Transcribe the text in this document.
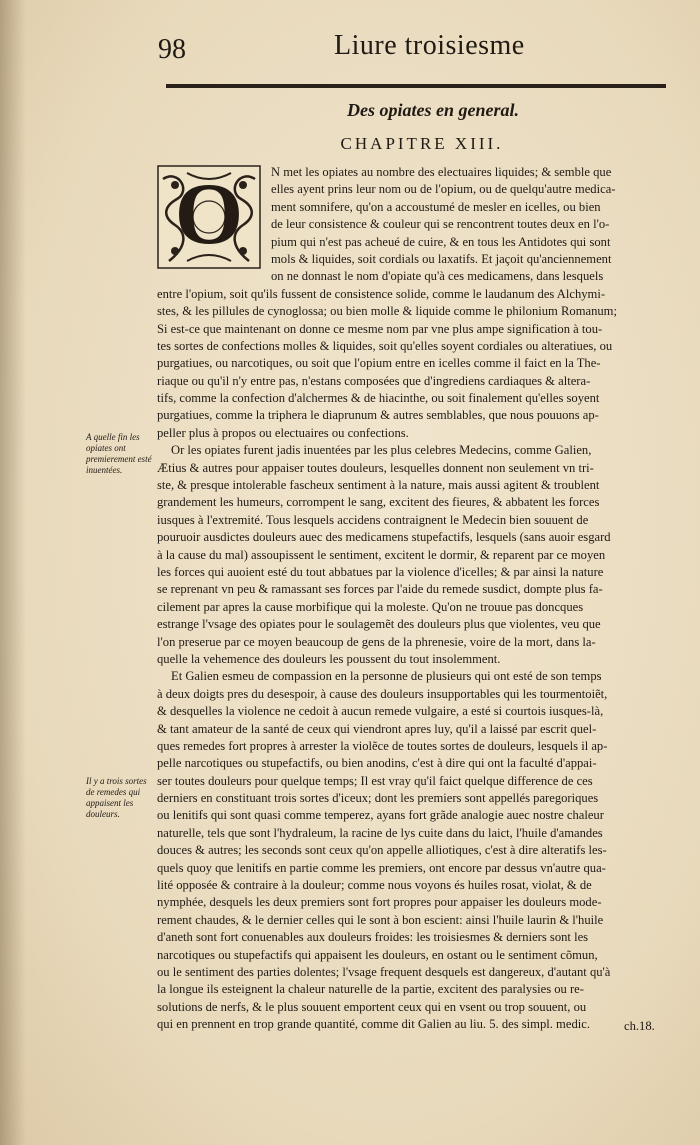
98	Liure troisiesme
Des opiates en general.
CHAPITRE XIII.
N met les opiates au nombre des electuaires liquides; & semble que
elles ayent prins leur nom ou de l'opium, ou de quelqu'autre medica-
ment somnifere, qu'on a accoustumé de mesler en icelles, ou bien
de leur consistence & couleur qui se rencontrent toutes deux en l'o-
pium qui n'est pas acheué de cuire, & en tous les Antidotes qui sont
mols & liquides, soit cordials ou laxatifs. Et jaçoit qu'anciennement
on ne donnast le nom d'opiate qu'à ces medicamens, dans lesquels
entre l'opium, soit qu'ils fussent de consistence solide, comme le laudanum des Alchymi-
stes, & les pillules de cynoglossa; ou bien molle & liquide comme le philonium Romanum;
Si est-ce que maintenant on donne ce mesme nom par vne plus ampe signification à tou-
tes sortes de confections molles & liquides, soit qu'elles soyent cordiales ou alteratiues, ou
purgatiues, ou narcotiques, ou soit que l'opium entre en icelles comme il faict en la The-
riaque ou qu'il n'y entre pas, n'estans composées que d'ingrediens cardiaques & altera-
tifs, comme la confection d'alchermes & de hiacinthe, ou soit finalement qu'elles soyent
purgatiues, comme la triphera le diaprunum & autres semblables, que nous pouuons ap-
peller plus à propos ou electuaires ou confections.
Or les opiates furent jadis inuentées par les plus celebres Medecins, comme Galien,
Ætius & autres pour appaiser toutes douleurs, lesquelles donnent non seulement vn tri-
ste, & presque intolerable fascheux sentiment à la nature, mais aussi agitent & troublent
grandement les humeurs, corrompent le sang, excitent des fieures, & abbatent les forces
iusques à l'extremité. Tous lesquels accidens contraignent le Medecin bien souuent de
pouruoir ausdictes douleurs auec des medicamens stupefactifs, lesquels (sans auoir esgard
à la cause du mal) assoupissent le sentiment, excitent le dormir, & reparent par ce moyen
les forces qui auoient esté du tout abbatues par la violence d'icelles; & par ainsi la nature
se reprenant vn peu & ramassant ses forces par l'aide du remede susdict, dompte plus fa-
cilement par apres la cause morbifique qui la moleste. Qu'on ne trouue pas doncques
estrange l'vsage des opiates pour le soulagemẽt des douleurs plus que violentes, veu que
l'on preserue par ce moyen beaucoup de gens de la phrenesie, voire de la mort, dans la-
quelle la vehemence des douleurs les poussent du tout insolemment.
Et Galien esmeu de compassion en la personne de plusieurs qui ont esté de son temps
à deux doigts pres du desespoir, à cause des douleurs insupportables qui les tourmentoiẽt,
& desquelles la violence ne cedoit à aucun remede vulgaire, a esté si courtois iusques-là,
& tant amateur de la santé de ceux qui viendront apres luy, qu'il a laissé par escrit quel-
ques remedes fort propres à arrester la violẽce de toutes sortes de douleurs, lesquels il ap-
pelle narcotiques ou stupefactifs, ou bien anodins, c'est à dire qui ont la faculté d'appai-
ser toutes douleurs pour quelque temps; Il est vray qu'il faict quelque difference de ces
derniers en constituant trois sortes d'iceux; dont les premiers sont appellés paregoriques
ou lenitifs qui sont quasi comme temperez, ayans fort grãde analogie auec nostre chaleur
naturelle, tels que sont l'hydraleum, la racine de lys cuite dans du laict, l'huile d'amandes
douces & autres; les seconds sont ceux qu'on appelle alliotiques, c'est à dire alteratifs les-
quels quoy que lenitifs en partie comme les premiers, ont encore par dessus vn'autre qua-
lité opposée & contraire à la douleur; comme nous voyons és huiles rosat, violat, & de
nymphée, desquels les deux premiers sont fort propres pour appaiser les douleurs mode-
rement chaudes, & le dernier celles qui le sont à bon escient: ainsi l'huile laurin & l'huile
d'aneth sont fort conuenables aux douleurs froides: les troisiesmes & derniers sont les
narcotiques ou stupefactifs qui appaisent les douleurs, en ostant ou le sentiment cõmun,
ou le sentiment des parties dolentes; l'vsage frequent desquels est dangereux, d'autant qu'à
la longue ils esteignent la chaleur naturelle de la partie, excitent des paralysies ou re-
solutions de nerfs, & le plus souuent emportent ceux qui en vsent ou trop souuent, ou
qui en prennent en trop grande quantité, comme dit Galien au liu. 5. des simpl. medic.
O
A quelle fin les opiates ont premierement esté inuentées.
Il y a trois sortes de remedes qui appaisent les douleurs.
ch.18.
